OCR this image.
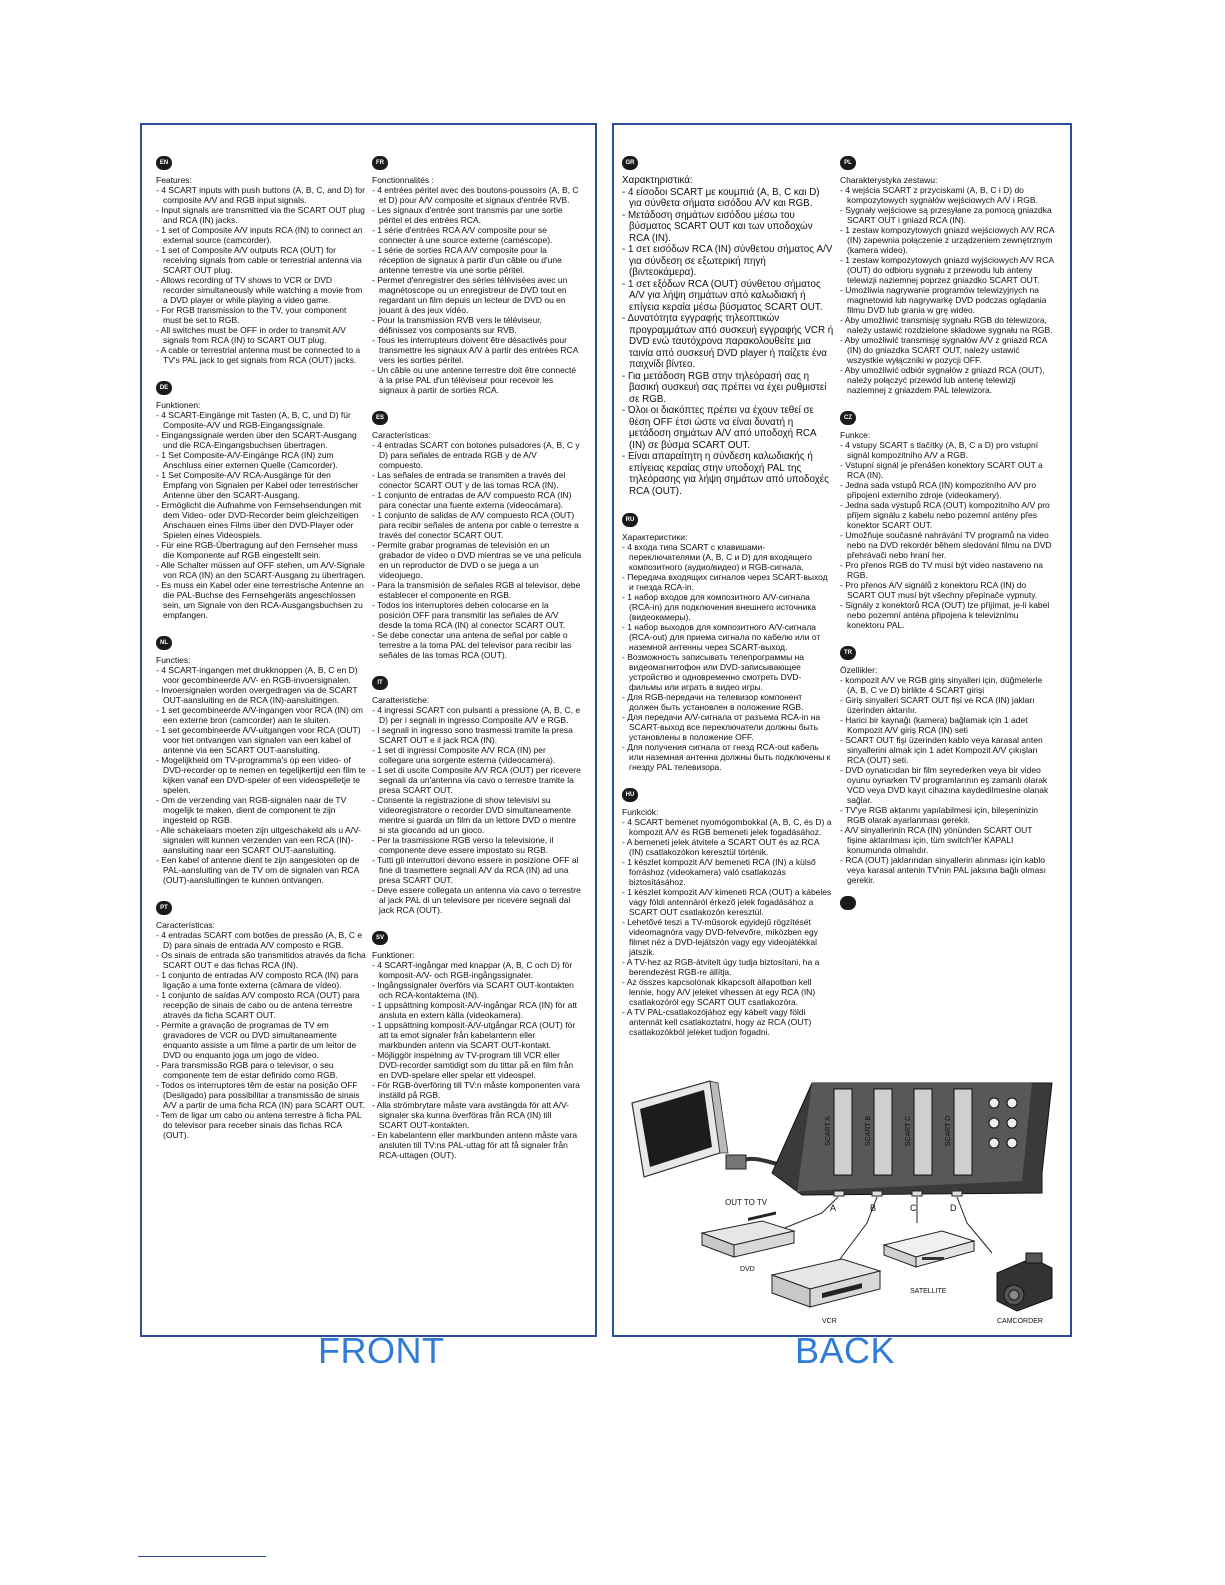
EN
Features:
- 4 SCART inputs with push buttons (A, B, C, and D) for composite A/V and RGB input signals.
- Input signals are transmitted via the SCART OUT plug and RCA (IN) jacks.
- 1 set of Composite A/V inputs RCA (IN) to connect an external source (camcorder).
- 1 set of Composite A/V outputs RCA (OUT) for receiving signals from cable or terrestrial antenna via SCART OUT plug.
- Allows recording of TV shows to VCR or DVD recorder simultaneously while watching a movie from a DVD player or while playing a video game.
- For RGB transmission to the TV, your component must be set to RGB.
- All switches must be OFF in order to transmit A/V signals from RCA (IN) to SCART OUT plug.
- A cable or terrestrial antenna must be connected to a TV's PAL jack to get signals from RCA (OUT) jacks.
DE
Funktionen:
- 4 SCART-Eingänge mit Tasten (A, B, C, und D) für Composite-A/V und RGB-Eingangssignale.
- Eingangssignale werden über den SCART-Ausgang und die RCA-Eingangsbuchsen übertragen.
- 1 Set Composite-A/V-Eingänge RCA (IN) zum Anschluss einer externen Quelle (Camcorder).
- 1 Set Composite-A/V RCA-Ausgänge für den Empfang von Signalen per Kabel oder terrestrischer Antenne über den SCART-Ausgang.
- Ermöglicht die Aufnahme von Fernsehsendungen mit dem Video- oder DVD-Recorder beim gleichzeitigen Anschauen eines Films über den DVD-Player oder Spielen eines Videospiels.
- Für eine RGB-Übertragung auf den Fernseher muss die Komponente auf RGB eingestellt sein.
- Alle Schalter müssen auf OFF stehen, um A/V-Signale von RCA (IN) an den SCART-Ausgang zu übertragen.
- Es muss ein Kabel oder eine terrestrische Antenne an die PAL-Buchse des Fernsehgeräts angeschlossen sein, um Signale von den RCA-Ausgangsbuchsen zu empfangen.
NL
Functies:
- 4 SCART-ingangen met drukknoppen (A, B, C en D) voor gecombineerde A/V- en RGB-invoersignalen.
- Invoersignalen worden overgedragen via de SCART OUT-aansluiting en de RCA (IN)-aansluitingen.
- 1 set gecombineerde A/V-ingangen voor RCA (IN) om een externe bron (camcorder) aan te sluiten.
- 1 set gecombineerde A/V-uitgangen voor RCA (OUT) voor het ontvangen van signalen van een kabel of antenne via een SCART OUT-aansluiting.
- Mogelijkheid om TV-programma's op een video- of DVD-recorder op te nemen en tegelijkertijd een film te kijken vanaf een DVD-speler of een videospelletje te spelen.
- Om de verzending van RGB-signalen naar de TV mogelijk te maken, dient de component te zijn ingesteld op RGB.
- Alle schakelaars moeten zijn uitgeschakeld als u A/V-signalen wilt kunnen verzenden van een RCA (IN)-aansluiting naar een SCART OUT-aansluiting.
- Een kabel of antenne dient te zijn aangesloten op de PAL-aansluiting van de TV om de signalen van RCA (OUT)-aansluitingen te kunnen ontvangen.
PT
Características:
- 4 entradas SCART com botões de pressão (A, B, C e D) para sinais de entrada A/V composto e RGB.
- Os sinais de entrada são transmitidos através da ficha SCART OUT e das fichas RCA (IN).
- 1 conjunto de entradas A/V composto RCA (IN) para ligação a uma fonte externa (câmara de vídeo).
- 1 conjunto de saídas A/V composto RCA (OUT) para recepção de sinais de cabo ou de antena terrestre através da ficha SCART OUT.
- Permite a gravação de programas de TV em gravadores de VCR ou DVD simultaneamente enquanto assiste a um filme a partir de um leitor de DVD ou enquanto joga um jogo de vídeo.
- Para transmissão RGB para o televisor, o seu componente tem de estar definido como RGB.
- Todos os interruptores têm de estar na posição OFF (Desligado) para possibilitar a transmissão de sinais A/V a partir de uma ficha RCA (IN) para SCART OUT.
- Tem de ligar um cabo ou antena terrestre à ficha PAL do televisor para receber sinais das fichas RCA (OUT).
FR
Fonctionnalités :
- 4 entrées péritel avec des boutons-poussoirs (A, B, C et D) pour A/V composite et signaux d'entrée RVB.
- Les signaux d'entrée sont transmis par une sortie péritel et des entrées RCA.
- 1 série d'entrées RCA A/V composite pour se connecter à une source externe (caméscope).
- 1 série de sorties RCA A/V composite pour la réception de signaux à partir d'un câble ou d'une antenne terrestre via une sortie péritel.
- Permet d'enregistrer des séries télévisées avec un magnétoscope ou un enregistreur de DVD tout en regardant un film depuis un lecteur de DVD ou en jouant à des jeux vidéo.
- Pour la transmission RVB vers le téléviseur, définissez vos composants sur RVB.
- Tous les interrupteurs doivent être désactivés pour transmettre les signaux A/V à partir des entrées RCA vers les sorties péritel.
- Un câble ou une antenne terrestre doit être connecté à la prise PAL d'un téléviseur pour recevoir les signaux à partir de sorties RCA.
ES
Características:
- 4 entradas SCART con botones pulsadores (A, B, C y D) para señales de entrada RGB y de A/V compuesto.
- Las señales de entrada se transmiten a través del conector SCART OUT y de las tomas RCA (IN).
- 1 conjunto de entradas de A/V compuesto RCA (IN) para conectar una fuente externa (videocámara).
- 1 conjunto de salidas de A/V compuesto RCA (OUT) para recibir señales de antena por cable o terrestre a través del conector SCART OUT.
- Permite grabar programas de televisión en un grabador de vídeo o DVD mientras se ve una película en un reproductor de DVD o se juega a un videojuego.
- Para la transmisión de señales RGB al televisor, debe establecer el componente en RGB.
- Todos los interruptores deben colocarse en la posición OFF para transmitir las señales de A/V desde la toma RCA (IN) al conector SCART OUT.
- Se debe conectar una antena de señal por cable o terrestre a la toma PAL del televisor para recibir las señales de las tomas RCA (OUT).
IT
Caratteristiche:
- 4 ingressi SCART con pulsanti a pressione (A, B, C, e D) per i segnali in ingresso Composite A/V e RGB.
- I segnali in ingresso sono trasmessi tramite la presa SCART OUT e il jack RCA (IN).
- 1 set di ingressi Composite A/V RCA (IN) per collegare una sorgente esterna (videocamera).
- 1 set di uscite Composite A/V RCA (OUT) per ricevere segnali da un'antenna via cavo o terrestre tramite la presa SCART OUT.
- Consente la registrazione di show televisivi su videoregistratore o recorder DVD simultaneamente mentre si guarda un film da un lettore DVD o mentre si sta giocando ad un gioco.
- Per la trasmissione RGB verso la televisione, il componente deve essere impostato su RGB.
- Tutti gli interruttori devono essere in posizione OFF al fine di trasmettere segnali A/V da RCA (IN) ad una presa SCART OUT.
- Deve essere collegata un antenna via cavo o terrestre al jack PAL di un televisore per ricevere segnali dai jack RCA (OUT).
SV
Funktioner:
- 4 SCART-ingångar med knappar (A, B, C och D) för komposit-A/V- och RGB-ingångssignaler.
- Ingångssignaler överförs via SCART OUT-kontakten och RCA-kontakterna (IN).
- 1 uppsättning komposit-A/V-ingångar RCA (IN) för att ansluta en extern källa (videokamera).
- 1 uppsättning komposit-A/V-utgångar RCA (OUT) för att ta emot signaler från kabelantenn eller markbunden antenn via SCART OUT-kontakt.
- Möjliggör inspelning av TV-program till VCR eller DVD-recorder samtidigt som du tittar på en film från en DVD-spelare eller spelar ett videospel.
- För RGB-överföring till TV:n måste komponenten vara inställd på RGB.
- Alla strömbrytare måste vara avstängda för att A/V-signaler ska kunna överföras från RCA (IN) till SCART OUT-kontakten.
- En kabelantenn eller markbunden antenn måste vara ansluten till TV:ns PAL-uttag för att få signaler från RCA-uttagen (OUT).
GR
Χαρακτηριστικά:
- 4 είσοδοι SCART με κουμπιά (A, B, C και D) για σύνθετα σήματα εισόδου A/V και RGB.
- Μετάδοση σημάτων εισόδου μέσω του βύσματος SCART OUT και των υποδοχών RCA (IN).
- 1 σετ εισόδων RCA (IN) σύνθετου σήματος A/V για σύνδεση σε εξωτερική πηγή (βιντεοκάμερα).
- 1 σετ εξόδων RCA (OUT) σύνθετου σήματος A/V για λήψη σημάτων από καλωδιακή ή επίγεια κεραία μέσω βύσματος SCART OUT.
- Δυνατότητα εγγραφής τηλεοπτικών προγραμμάτων από συσκευή εγγραφής VCR ή DVD ενώ ταυτόχρονα παρακολουθείτε μια ταινία από συσκευή DVD player ή παίζετε ένα παιχνίδι βίντεο.
- Για μετάδοση RGB στην τηλεόρασή σας η βασική συσκευή σας πρέπει να έχει ρυθμιστεί σε RGB.
- Όλοι οι διακόπτες πρέπει να έχουν τεθεί σε θέση OFF έτσι ώστε να είναι δυνατή η μετάδοση σημάτων A/V από υποδοχή RCA (IN) σε βύσμα SCART OUT.
- Είναι απαραίτητη η σύνδεση καλωδιακής ή επίγειας κεραίας στην υποδοχή PAL της τηλεόρασης για λήψη σημάτων από υποδοχές RCA (OUT).
RU
Характеристики:
- 4 входа типа SCART с клавишами-переключателями (A, B, C и D) для входящего композитного (аудио/видео) и RGB-сигнала.
- Передача входящих сигналов через SCART-выход и гнезда RCA-in.
- 1 набор входов для композитного A/V-сигнала (RCA-in) для подключения внешнего источника (видеокамеры).
- 1 набор выходов для композитного A/V-сигнала (RCA-out) для приема сигнала по кабелю или от наземной антенны через SCART-выход.
- Возможность записывать телепрограммы на видеомагнитофон или DVD-записывающее устройство и одновременно смотреть DVD-фильмы или играть в видео игры.
- Для RGB-передачи на телевизор компонент должен быть установлен в положение RGB.
- Для передачи A/V-сигнала от разъема RCA-in на SCART-выход все переключатели должны быть установлены в положение OFF.
- Для получения сигнала от гнезд RCA-out кабель или наземная антенна должны быть подключены к гнезду PAL телевизора.
HU
Funkciók:
- 4 SCART bemenet nyomógombokkal (A, B, C, és D) a kompozit A/V és RGB bemeneti jelek fogadásához.
- A bemeneti jelek átvitele a SCART OUT és az RCA (IN) csatlakozókon keresztül történik.
- 1 készlet kompozit A/V bemeneti RCA (IN) a külső forráshoz (videokamera) való csatlakozás biztosításához.
- 1 készlet kompozit A/V kimeneti RCA (OUT) a kábeles vagy földi antennáról érkező jelek fogadásához a SCART OUT csatlakozón keresztül.
- Lehetővé teszi a TV-műsorok egyidejű rögzítését videomagnóra vagy DVD-felvevőre, miközben egy filmet néz a DVD-lejátszón vagy egy videojátékkal játszik.
- A TV-hez az RGB-átvitelt úgy tudja biztosítani, ha a berendezést RGB-re állítja.
- Az összes kapcsolónak kikapcsolt állapotban kell lennie, hogy A/V jeleket vihessen át egy RCA (IN) csatlakozóról egy SCART OUT csatlakozóra.
- A TV PAL-csatlakozójához egy kábelt vagy földi antennát kell csatlakoztatni, hogy az RCA (OUT) csatlakozókból jeleket tudjon fogadni.
PL
Charakterystyka zestawu:
- 4 wejścia SCART z przyciskami (A, B, C i D) do kompozytowych sygnałów wejściowych A/V i RGB.
- Sygnały wejściowe są przesyłane za pomocą gniazdka SCART OUT i gniazd RCA (IN).
- 1 zestaw kompozytowych gniazd wejściowych A/V RCA (IN) zapewnia połączenie z urządzeniem zewnętrznym (kamera wideo).
- 1 zestaw kompozytowych gniazd wyjściowych A/V RCA (OUT) do odbioru sygnału z przewodu lub anteny telewizji naziemnej poprzez gniazdko SCART OUT.
- Umożliwia nagrywanie programów telewizyjnych na magnetowid lub nagrywarkę DVD podczas oglądania filmu DVD lub grania w grę wideo.
- Aby umożliwić transmisję sygnału RGB do telewizora, należy ustawić rozdzielone składowe sygnału na RGB.
- Aby umożliwić transmisję sygnałów A/V z gniazd RCA (IN) do gniazdka SCART OUT, należy ustawić wszystkie wyłączniki w pozycji OFF.
- Aby umożliwić odbiór sygnałów z gniazd RCA (OUT), należy połączyć przewód lub antenę telewizji naziemnej z gniazdem PAL telewizora.
CZ
Funkce:
- 4 vstupy SCART s tlačítky (A, B, C a D) pro vstupní signál kompozitního A/V a RGB.
- Vstupní signál je přenášen konektory SCART OUT a RCA (IN).
- Jedna sada vstupů RCA (IN) kompozitního A/V pro připojení externího zdroje (videokamery).
- Jedna sada výstupů RCA (OUT) kompozitního A/V pro příjem signálu z kabelu nebo pozemní antény přes konektor SCART OUT.
- Umožňuje současné nahrávání TV programů na video nebo na DVD rekordér během sledování filmu na DVD přehrávači nebo hraní her.
- Pro přenos RGB do TV musí být video nastaveno na RGB.
- Pro přenos A/V signálů z konektoru RCA (IN) do SCART OUT musí být všechny přepínače vypnuty.
- Signály z konektorů RCA (OUT) lze přijímat, je-li kabel nebo pozemní anténa připojena k televiznímu konektoru PAL.
TR
Özellikler:
- kompozit A/V ve RGB giriş sinyalleri için, düğmelerle (A, B, C ve D) birlikte 4 SCART girişi
- Giriş sinyalleri SCART OUT fişi ve RCA (IN) jakları üzerinden aktarılır.
- Harici bir kaynağı (kamera) bağlamak için 1 adet Kompozit A/V giriş RCA (IN) seti
- SCART OUT fişi üzerinden kablo veya karasal anten sinyallerini almak için 1 adet Kompozit A/V çıkışları RCA (OUT) seti.
- DVD oynatıcıdan bir film seyrederken veya bir video oyunu oynarken TV programlarının eş zamanlı olarak VCD veya DVD kayıt cihazına kaydedilmesine olanak sağlar.
- TV'ye RGB aktarımı yapılabilmesi için, bileşeninizin RGB olarak ayarlanması gerekir.
- A/V sinyallerinin RCA (IN) yönünden SCART OUT fişine aktarılması için, tüm switch'ler KAPALI konumunda olmalıdır.
- RCA (OUT) jaklarından sinyallerin alınması için kablo veya karasal antenin TV'nin PAL jaksına bağlı olması gerekir.
OUT TO TV
SCART A	SCART B	SCART C	SCART D
A	B	C	D
DVD
VCR
SATELLITE
CAMCORDER
FRONT	BACK
